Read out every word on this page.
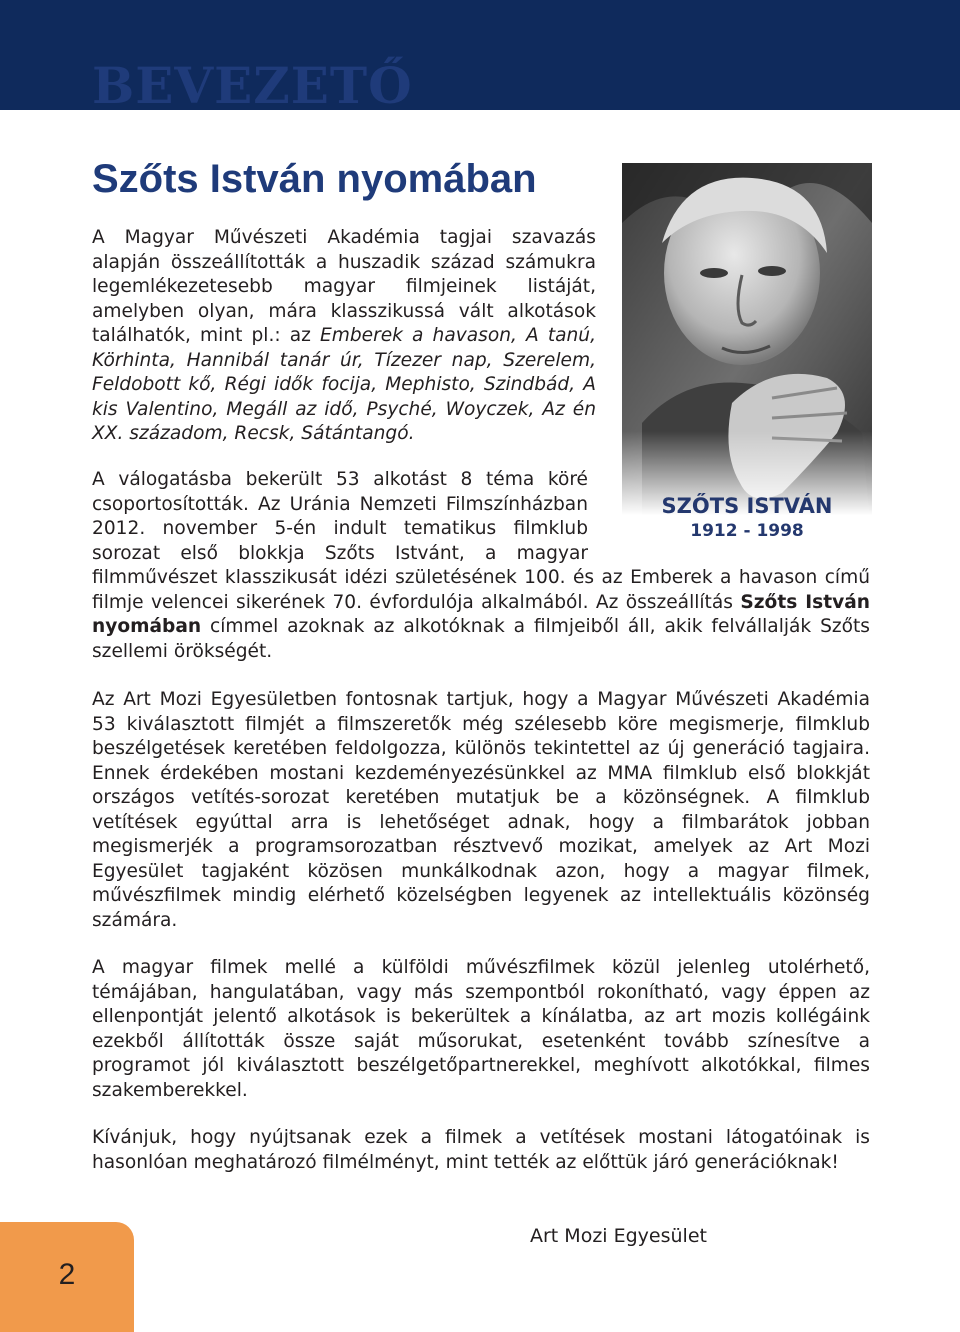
BEVEZETŐ
Szőts István nyomában

SZŐTS ISTVÁN

1912 - 1998

A Magyar Művészeti Akadémia tagjai szavazás alapján összeállították a huszadik század számukra legemlékezetesebb magyar filmjeinek listáját, amelyben olyan, mára klasszikussá vált alkotások találhatók, mint pl.: az Emberek a havason, A tanú, Körhinta, Hannibál tanár úr, Tízezer nap, Szerelem, Feldobott kő, Régi idők focija, Mephisto, Szindbád, A kis Valentino, Megáll az idő, Psyché, Woyczek, Az én XX. századom, Recsk, Sátántangó.

A válogatásba bekerült 53 alkotást 8 téma köré csoportosították. Az Uránia Nemzeti Filmszínházban 2012. november 5-én indult tematikus filmklub sorozat első blokkja Szőts Istvánt, a magyar filmművészet klasszikusát idézi születésének 100. és az Emberek a havason című filmje velencei sikerének 70. évfordulója alkalmából. Az összeállítás Szőts István nyomában címmel azoknak az alkotóknak a filmjeiből áll, akik felvállalják Szőts szellemi örökségét.

Az Art Mozi Egyesületben fontosnak tartjuk, hogy a Magyar Művészeti Akadémia 53 kiválasztott filmjét a filmszeretők még szélesebb köre megismerje, filmklub beszélgetések keretében feldolgozza, különös tekintettel az új generáció tagjaira. Ennek érdekében mostani kezdeményezésünkkel az MMA filmklub első blokkját országos vetítés-sorozat keretében mutatjuk be a közönségnek. A filmklub vetítések egyúttal arra is lehetőséget adnak, hogy a filmbarátok jobban megismerjék a programsorozatban résztvevő mozikat, amelyek az Art Mozi Egyesület tagjaként közösen munkálkodnak azon, hogy a magyar filmek, művészfilmek mindig elérhető közelségben legyenek az intellektuális közönség számára.

A magyar filmek mellé a külföldi művészfilmek közül jelenleg utolérhető, témájában, hangulatában, vagy más szempontból rokonítható, vagy éppen az ellenpontját jelentő alkotások is bekerültek a kínálatba, az art mozis kollégáink ezekből állították össze saját műsorukat, esetenként tovább színesítve a programot jól kiválasztott beszélgetőpartnerekkel, meghívott alkotókkal, filmes szakemberekkel.

Kívánjuk, hogy nyújtsanak ezek a filmek a vetítések mostani látogatóinak is hasonlóan meghatározó filmélményt, mint tették az előttük járó generációknak!

Art Mozi Egyesület

2
